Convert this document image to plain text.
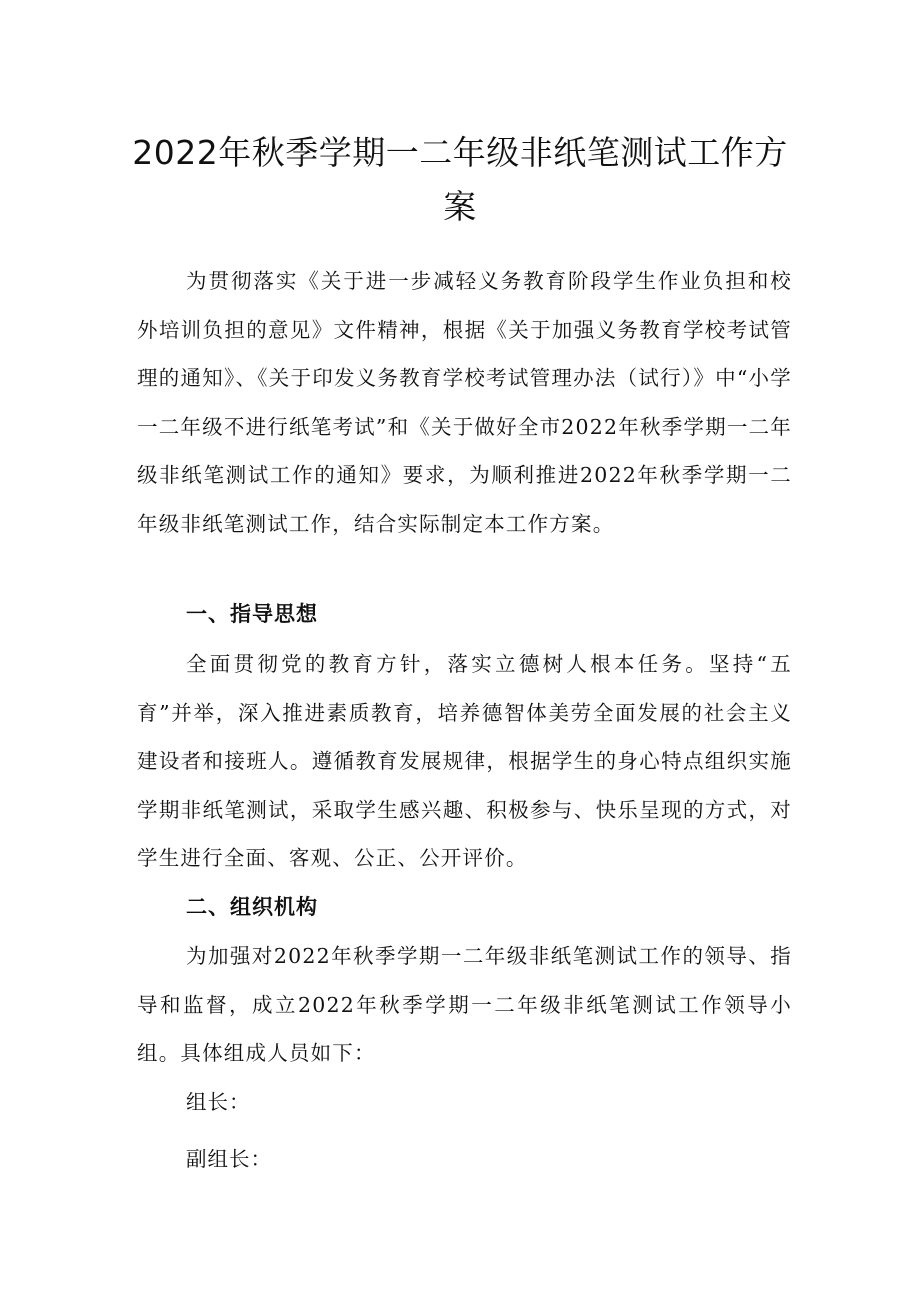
2022年秋季学期一二年级非纸笔测试工作方案

为贯彻落实《关于进一步减轻义务教育阶段学生作业负担和校外培训负担的意见》文件精神，根据《关于加强义务教育学校考试管理的通知》、《关于印发义务教育学校考试管理办法（试行）》中“小学一二年级不进行纸笔考试”和《关于做好全市2022年秋季学期一二年级非纸笔测试工作的通知》要求，为顺利推进2022年秋季学期一二年级非纸笔测试工作，结合实际制定本工作方案。

一、指导思想

全面贯彻党的教育方针，落实立德树人根本任务。坚持“五育”并举，深入推进素质教育，培养德智体美劳全面发展的社会主义建设者和接班人。遵循教育发展规律，根据学生的身心特点组织实施学期非纸笔测试，采取学生感兴趣、积极参与、快乐呈现的方式，对学生进行全面、客观、公正、公开评价。

二、组织机构

为加强对2022年秋季学期一二年级非纸笔测试工作的领导、指导和监督，成立2022年秋季学期一二年级非纸笔测试工作领导小组。具体组成人员如下：

组长：

副组长：
